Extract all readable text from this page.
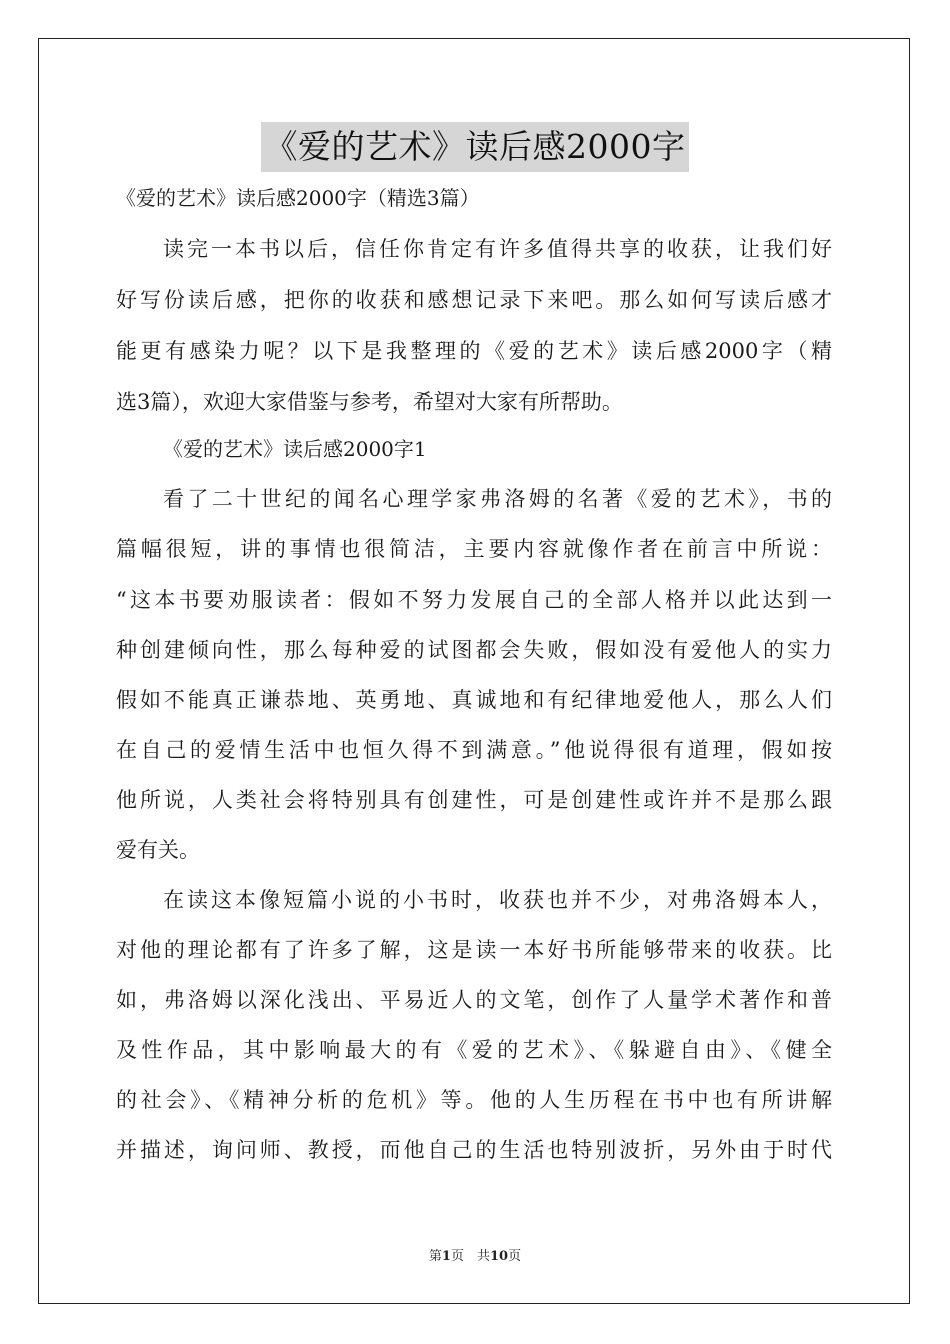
《爱的艺术》读后感2000字
《爱的艺术》读后感2000字（精选3篇）
读完一本书以后，信任你肯定有许多值得共享的收获，让我们好
好写份读后感，把你的收获和感想记录下来吧。那么如何写读后感才
能更有感染力呢？以下是我整理的《爱的艺术》读后感2000字（精
选3篇），欢迎大家借鉴与参考，希望对大家有所帮助。
《爱的艺术》读后感2000字1
看了二十世纪的闻名心理学家弗洛姆的名著《爱的艺术》，书的
篇幅很短，讲的事情也很简洁，主要内容就像作者在前言中所说：
“这本书要劝服读者：假如不努力发展自己的全部人格并以此达到一
种创建倾向性，那么每种爱的试图都会失败，假如没有爱他人的实力
假如不能真正谦恭地、英勇地、真诚地和有纪律地爱他人，那么人们
在自己的爱情生活中也恒久得不到满意。”他说得很有道理，假如按
他所说，人类社会将特别具有创建性，可是创建性或许并不是那么跟
爱有关。
在读这本像短篇小说的小书时，收获也并不少，对弗洛姆本人，
对他的理论都有了许多了解，这是读一本好书所能够带来的收获。比
如，弗洛姆以深化浅出、平易近人的文笔，创作了人量学术著作和普
及性作品，其中影响最大的有《爱的艺术》、《躲避自由》、《健全
的社会》、《精神分析的危机》等。他的人生历程在书中也有所讲解
并描述，询问师、教授，而他自己的生活也特别波折，另外由于时代
第1页　共10页
